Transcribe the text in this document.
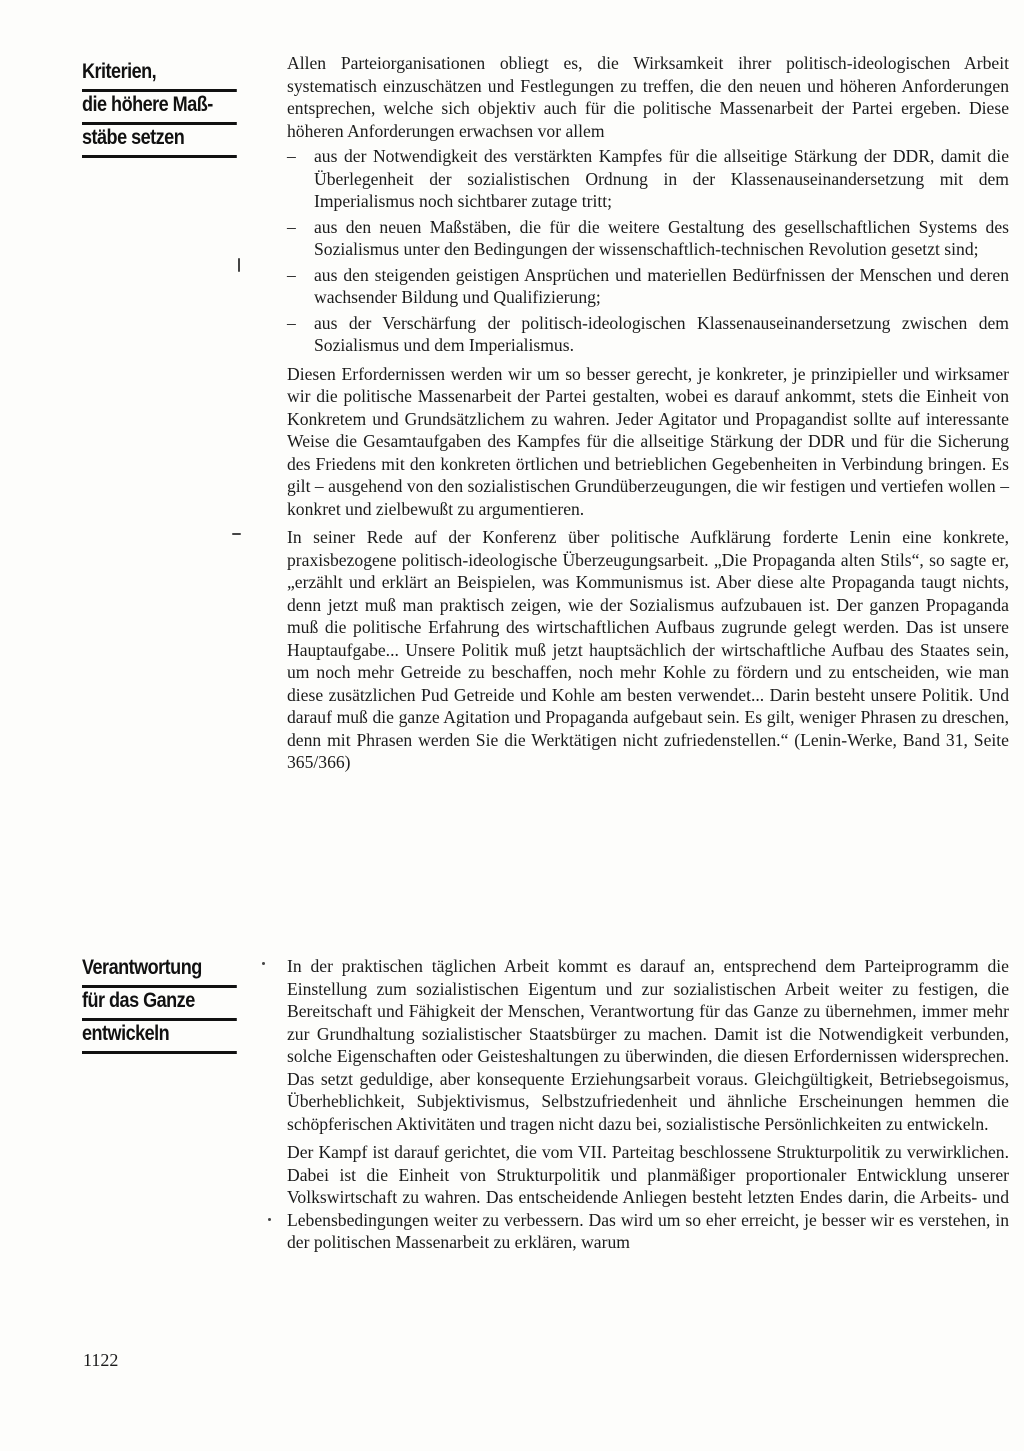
Kriterien,
die höhere Maß-
stäbe setzen

Allen Parteiorganisationen obliegt es, die Wirksamkeit ihrer politisch-ideologischen Arbeit systematisch einzuschätzen und Festlegungen zu treffen, die den neuen und höheren Anforderungen entsprechen, welche sich objektiv auch für die politische Massenarbeit der Partei ergeben. Diese höheren Anforderungen erwachsen vor allem

– aus der Notwendigkeit des verstärkten Kampfes für die allseitige Stärkung der DDR, damit die Überlegenheit der sozialistischen Ordnung in der Klassenauseinandersetzung mit dem Imperialismus noch sichtbarer zutage tritt;
– aus den neuen Maßstäben, die für die weitere Gestaltung des gesellschaftlichen Systems des Sozialismus unter den Bedingungen der wissenschaftlich-technischen Revolution gesetzt sind;
– aus den steigenden geistigen Ansprüchen und materiellen Bedürfnissen der Menschen und deren wachsender Bildung und Qualifizierung;
– aus der Verschärfung der politisch-ideologischen Klassenauseinandersetzung zwischen dem Sozialismus und dem Imperialismus.

Diesen Erfordernissen werden wir um so besser gerecht, je konkreter, je prinzipieller und wirksamer wir die politische Massenarbeit der Partei gestalten, wobei es darauf ankommt, stets die Einheit von Konkretem und Grundsätzlichem zu wahren. Jeder Agitator und Propagandist sollte auf interessante Weise die Gesamtaufgaben des Kampfes für die allseitige Stärkung der DDR und für die Sicherung des Friedens mit den konkreten örtlichen und betrieblichen Gegebenheiten in Verbindung bringen. Es gilt – ausgehend von den sozialistischen Grundüberzeugungen, die wir festigen und vertiefen wollen – konkret und zielbewußt zu argumentieren.

In seiner Rede auf der Konferenz über politische Aufklärung forderte Lenin eine konkrete, praxisbezogene politisch-ideologische Überzeugungsarbeit. „Die Propaganda alten Stils“, so sagte er, „erzählt und erklärt an Beispielen, was Kommunismus ist. Aber diese alte Propaganda taugt nichts, denn jetzt muß man praktisch zeigen, wie der Sozialismus aufzubauen ist. Der ganzen Propaganda muß die politische Erfahrung des wirtschaftlichen Aufbaus zugrunde gelegt werden. Das ist unsere Hauptaufgabe... Unsere Politik muß jetzt hauptsächlich der wirtschaftliche Aufbau des Staates sein, um noch mehr Getreide zu beschaffen, noch mehr Kohle zu fördern und zu entscheiden, wie man diese zusätzlichen Pud Getreide und Kohle am besten verwendet... Darin besteht unsere Politik. Und darauf muß die ganze Agitation und Propaganda aufgebaut sein. Es gilt, weniger Phrasen zu dreschen, denn mit Phrasen werden Sie die Werktätigen nicht zufriedenstellen.“ (Lenin-Werke, Band 31, Seite 365/366)

Verantwortung
für das Ganze
entwickeln

In der praktischen täglichen Arbeit kommt es darauf an, entsprechend dem Parteiprogramm die Einstellung zum sozialistischen Eigentum und zur sozialistischen Arbeit weiter zu festigen, die Bereitschaft und Fähigkeit der Menschen, Verantwortung für das Ganze zu übernehmen, immer mehr zur Grundhaltung sozialistischer Staatsbürger zu machen. Damit ist die Notwendigkeit verbunden, solche Eigenschaften oder Geisteshaltungen zu überwinden, die diesen Erfordernissen widersprechen. Das setzt geduldige, aber konsequente Erziehungsarbeit voraus. Gleichgültigkeit, Betriebsegoismus, Überheblichkeit, Subjektivismus, Selbstzufriedenheit und ähnliche Erscheinungen hemmen die schöpferischen Aktivitäten und tragen nicht dazu bei, sozialistische Persönlichkeiten zu entwickeln.

Der Kampf ist darauf gerichtet, die vom VII. Parteitag beschlossene Strukturpolitik zu verwirklichen. Dabei ist die Einheit von Strukturpolitik und planmäßiger proportionaler Entwicklung unserer Volkswirtschaft zu wahren. Das entscheidende Anliegen besteht letzten Endes darin, die Arbeits- und Lebensbedingungen weiter zu verbessern. Das wird um so eher erreicht, je besser wir es verstehen, in der politischen Massenarbeit zu erklären, warum

1122
